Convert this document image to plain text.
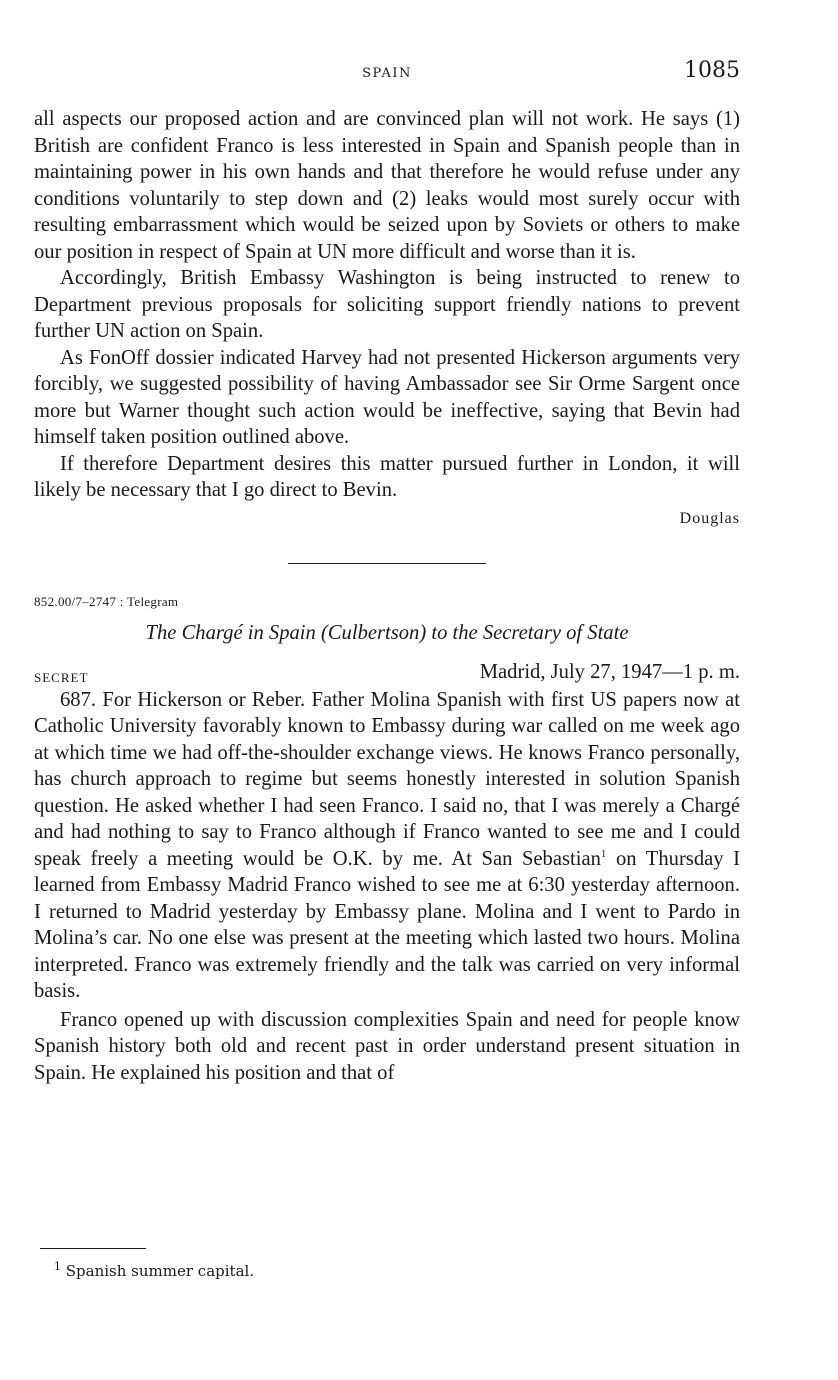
SPAIN	1085

all aspects our proposed action and are convinced plan will not work. He says (1) British are confident Franco is less interested in Spain and Spanish people than in maintaining power in his own hands and that therefore he would refuse under any conditions voluntarily to step down and (2) leaks would most surely occur with resulting embarrassment which would be seized upon by Soviets or others to make our position in respect of Spain at UN more difficult and worse than it is.

Accordingly, British Embassy Washington is being instructed to renew to Department previous proposals for soliciting support friendly nations to prevent further UN action on Spain.

As FonOff dossier indicated Harvey had not presented Hickerson arguments very forcibly, we suggested possibility of having Ambassador see Sir Orme Sargent once more but Warner thought such action would be ineffective, saying that Bevin had himself taken position outlined above.

If therefore Department desires this matter pursued further in London, it will likely be necessary that I go direct to Bevin.

Douglas
852.00/7–2747 : Telegram
The Chargé in Spain (Culbertson) to the Secretary of State
SECRET	Madrid, July 27, 1947—1 p. m.

687. For Hickerson or Reber. Father Molina Spanish with first US papers now at Catholic University favorably known to Embassy during war called on me week ago at which time we had off-the-shoulder exchange views. He knows Franco personally, has church approach to regime but seems honestly interested in solution Spanish question. He asked whether I had seen Franco. I said no, that I was merely a Chargé and had nothing to say to Franco although if Franco wanted to see me and I could speak freely a meeting would be O.K. by me. At San Sebastian$^1$ on Thursday I learned from Embassy Madrid Franco wished to see me at 6:30 yesterday afternoon. I returned to Madrid yesterday by Embassy plane. Molina and I went to Pardo in Molina’s car. No one else was present at the meeting which lasted two hours. Molina interpreted. Franco was extremely friendly and the talk was carried on very informal basis.

Franco opened up with discussion complexities Spain and need for people know Spanish history both old and recent past in order understand present situation in Spain. He explained his position and that of

$^1$ Spanish summer capital.
